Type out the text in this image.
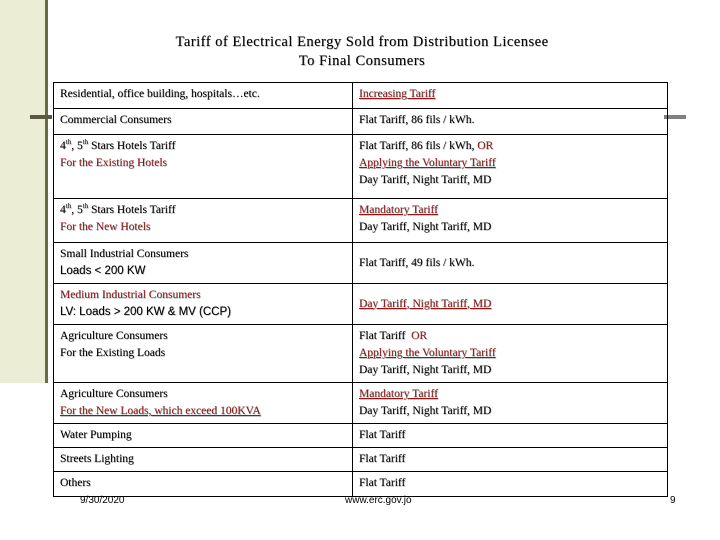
Tariff of Electrical Energy Sold from Distribution Licensee
To Final Consumers
Residential, office building, hospitals…etc.	Increasing Tariff

Commercial Consumers	Flat Tariff, 86 fils / kWh.

4th, 5th Stars Hotels Tariff
For the Existing Hotels	Flat Tariff, 86 fils / kWh, OR
Applying the Voluntary Tariff
Day Tariff, Night Tariff, MD

4th, 5th Stars Hotels Tariff
For the New Hotels	Mandatory Tariff
Day Tariff, Night Tariff, MD

Small Industrial Consumers
Loads < 200 KW	Flat Tariff, 49 fils / kWh.

Medium Industrial Consumers
LV: Loads > 200 KW & MV (CCP)	Day Tariff, Night Tariff, MD

Agriculture Consumers
For the Existing Loads	Flat Tariff OR
Applying the Voluntary Tariff
Day Tariff, Night Tariff, MD

Agriculture Consumers
For the New Loads, which exceed 100KVA	Mandatory Tariff
Day Tariff, Night Tariff, MD

Water Pumping	Flat Tariff

Streets Lighting	Flat Tariff

Others	Flat Tariff
9/30/2020	www.erc.gov.jo	9
